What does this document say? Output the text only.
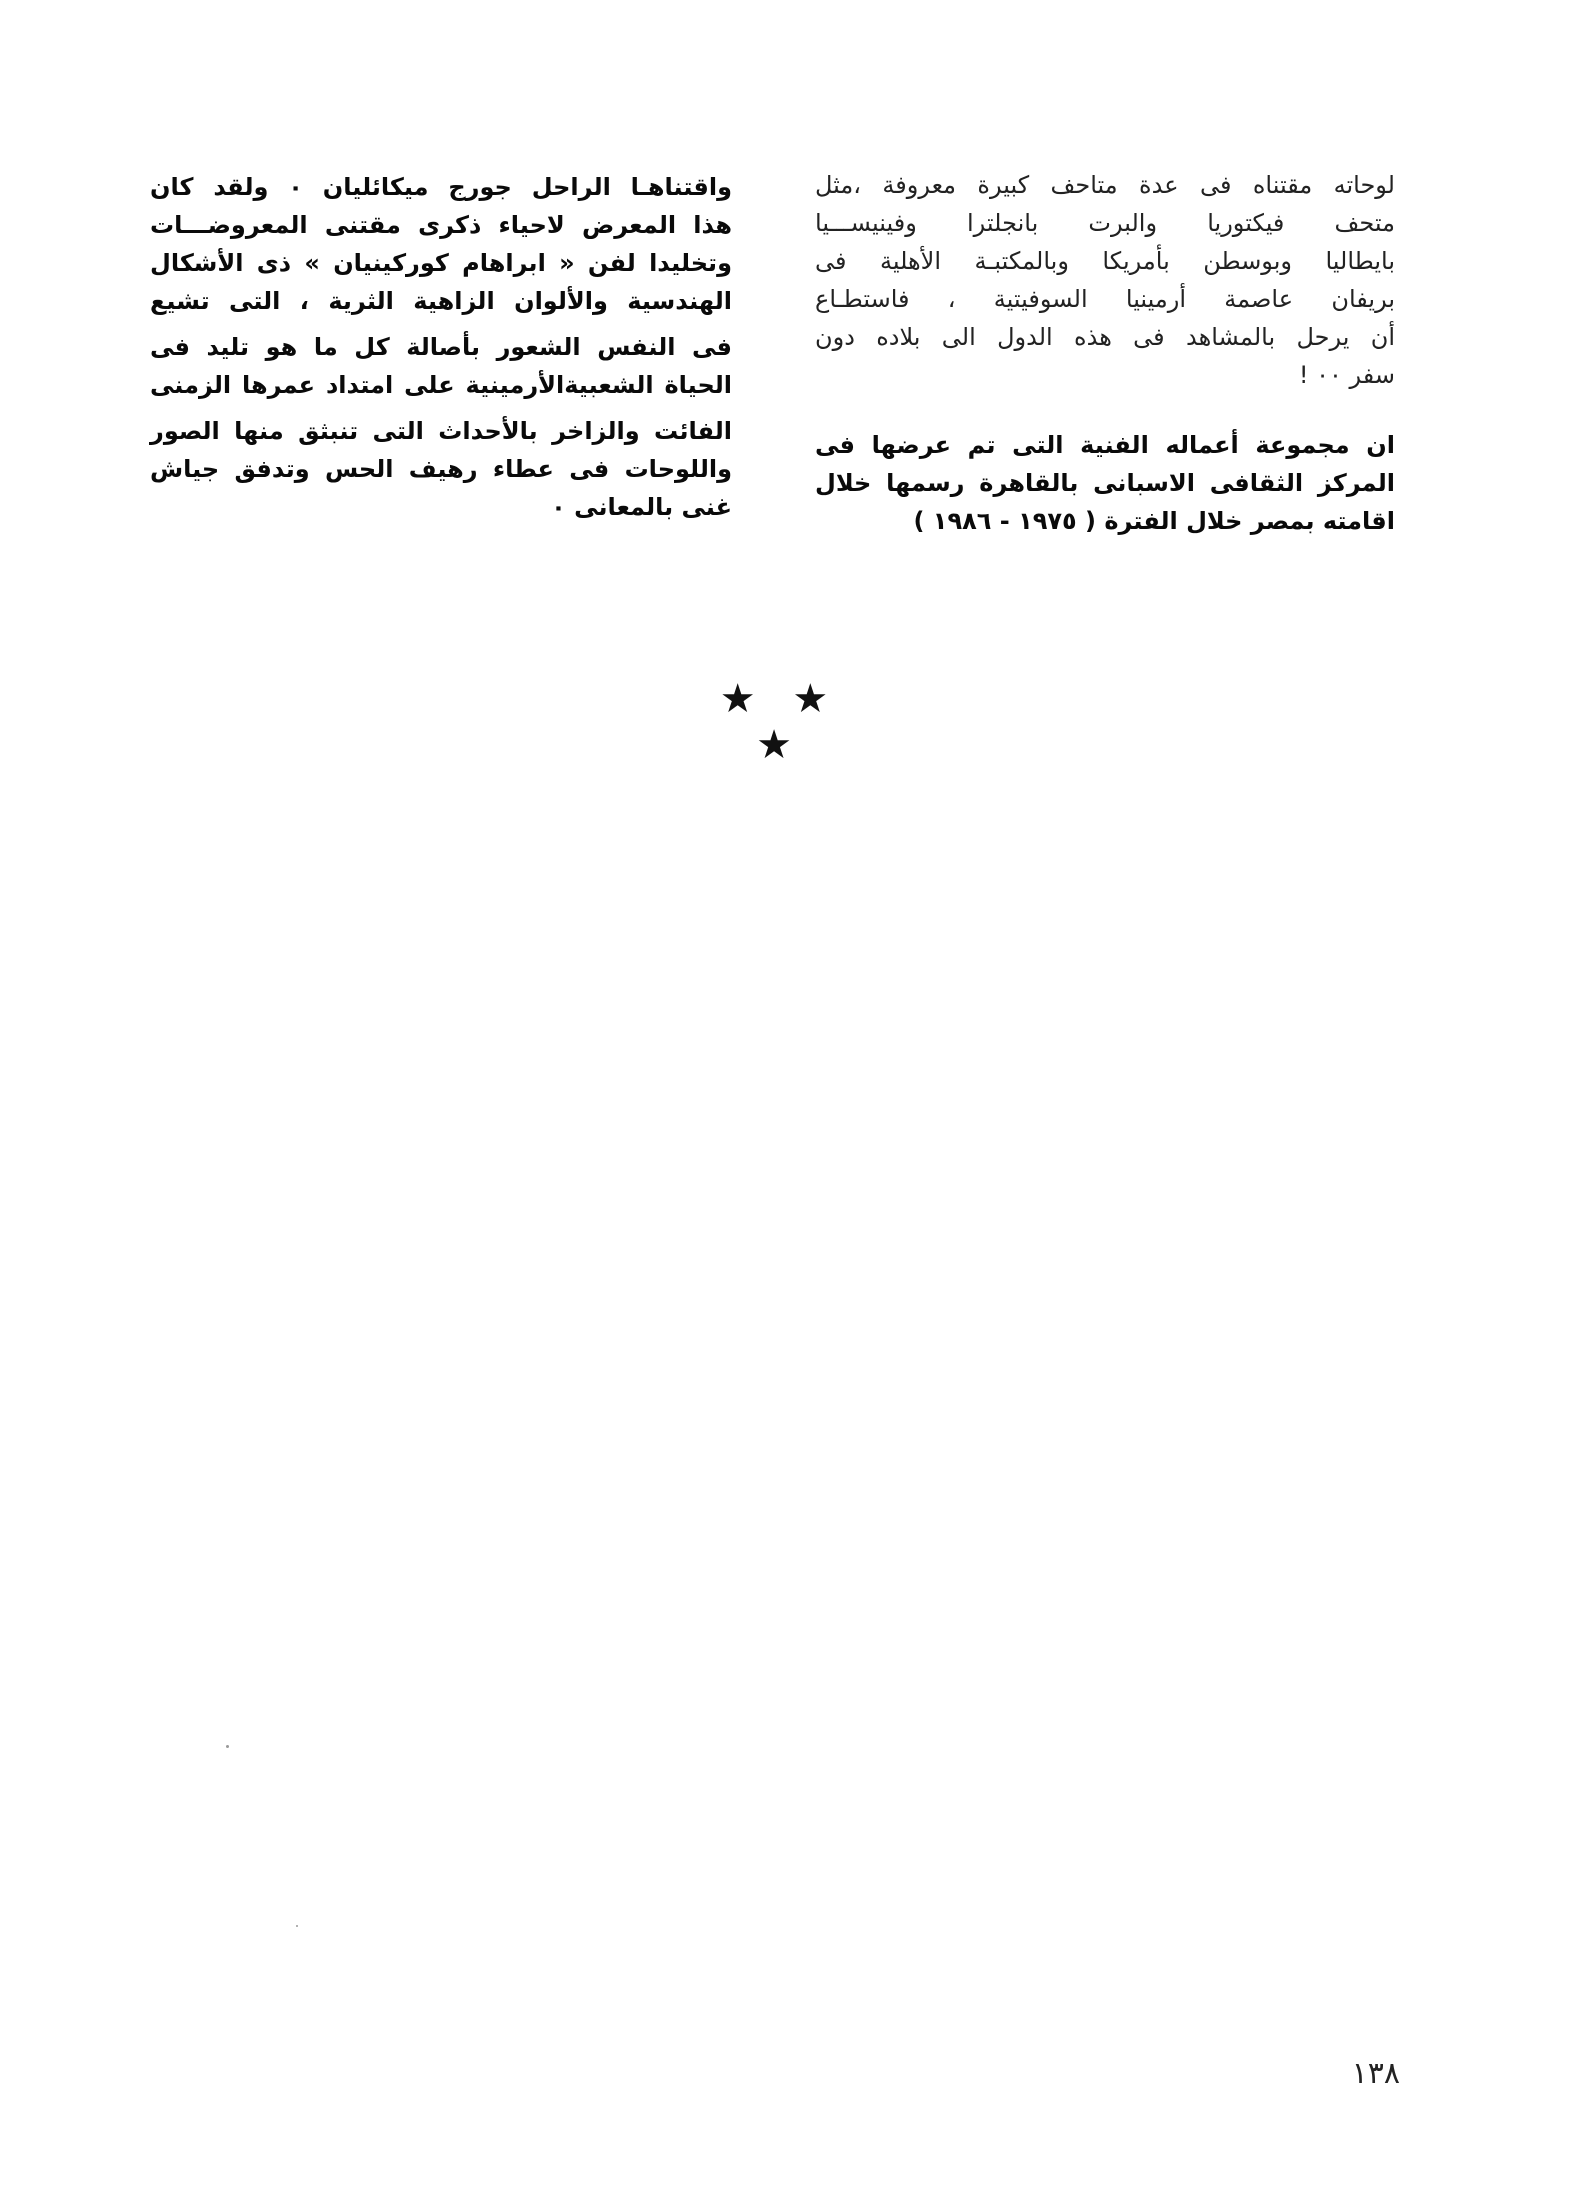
لوحاته مقتناه فى عدة متاحف كبيرة معروفة ،مثل
متحف فيكتوريا والبرت بانجلترا وفينيســـيا
بايطاليا وبوسطن بأمريكا وبالمكتبـة الأهلية فى
بريفان عاصمة أرمينيا السوفيتية ، فاستطـاع
أن يرحل بالمشاهد فى هذه الدول الى بلاده دون
سفر ٠٠ !
ان مجموعة أعماله الفنية التى تم عرضها فى
المركز الثقافى الاسبانى بالقاهرة رسمها خلال
اقامته بمصر خلال الفترة ( ١٩٧٥ - ١٩٨٦ )
واقتناهـا الراحل جورج ميكائليان ٠ ولقد كان
هذا المعرض لاحياء ذكرى مقتنى المعروضـــات
وتخليدا لفن « ابراهام كوركينيان » ذى الأشكال
الهندسية والألوان الزاهية الثرية ، التى تشيع
فى النفس الشعور بأصالة كل ما هو تليد فى
الحياة الشعبيةالأرمينية على امتداد عمرها الزمنى
الفائت والزاخر بالأحداث التى تنبثق منها الصور
واللوحات فى عطاء رهيف الحس وتدفق جياش
غنى بالمعانى ٠
★ ★ ★
١٣٨
